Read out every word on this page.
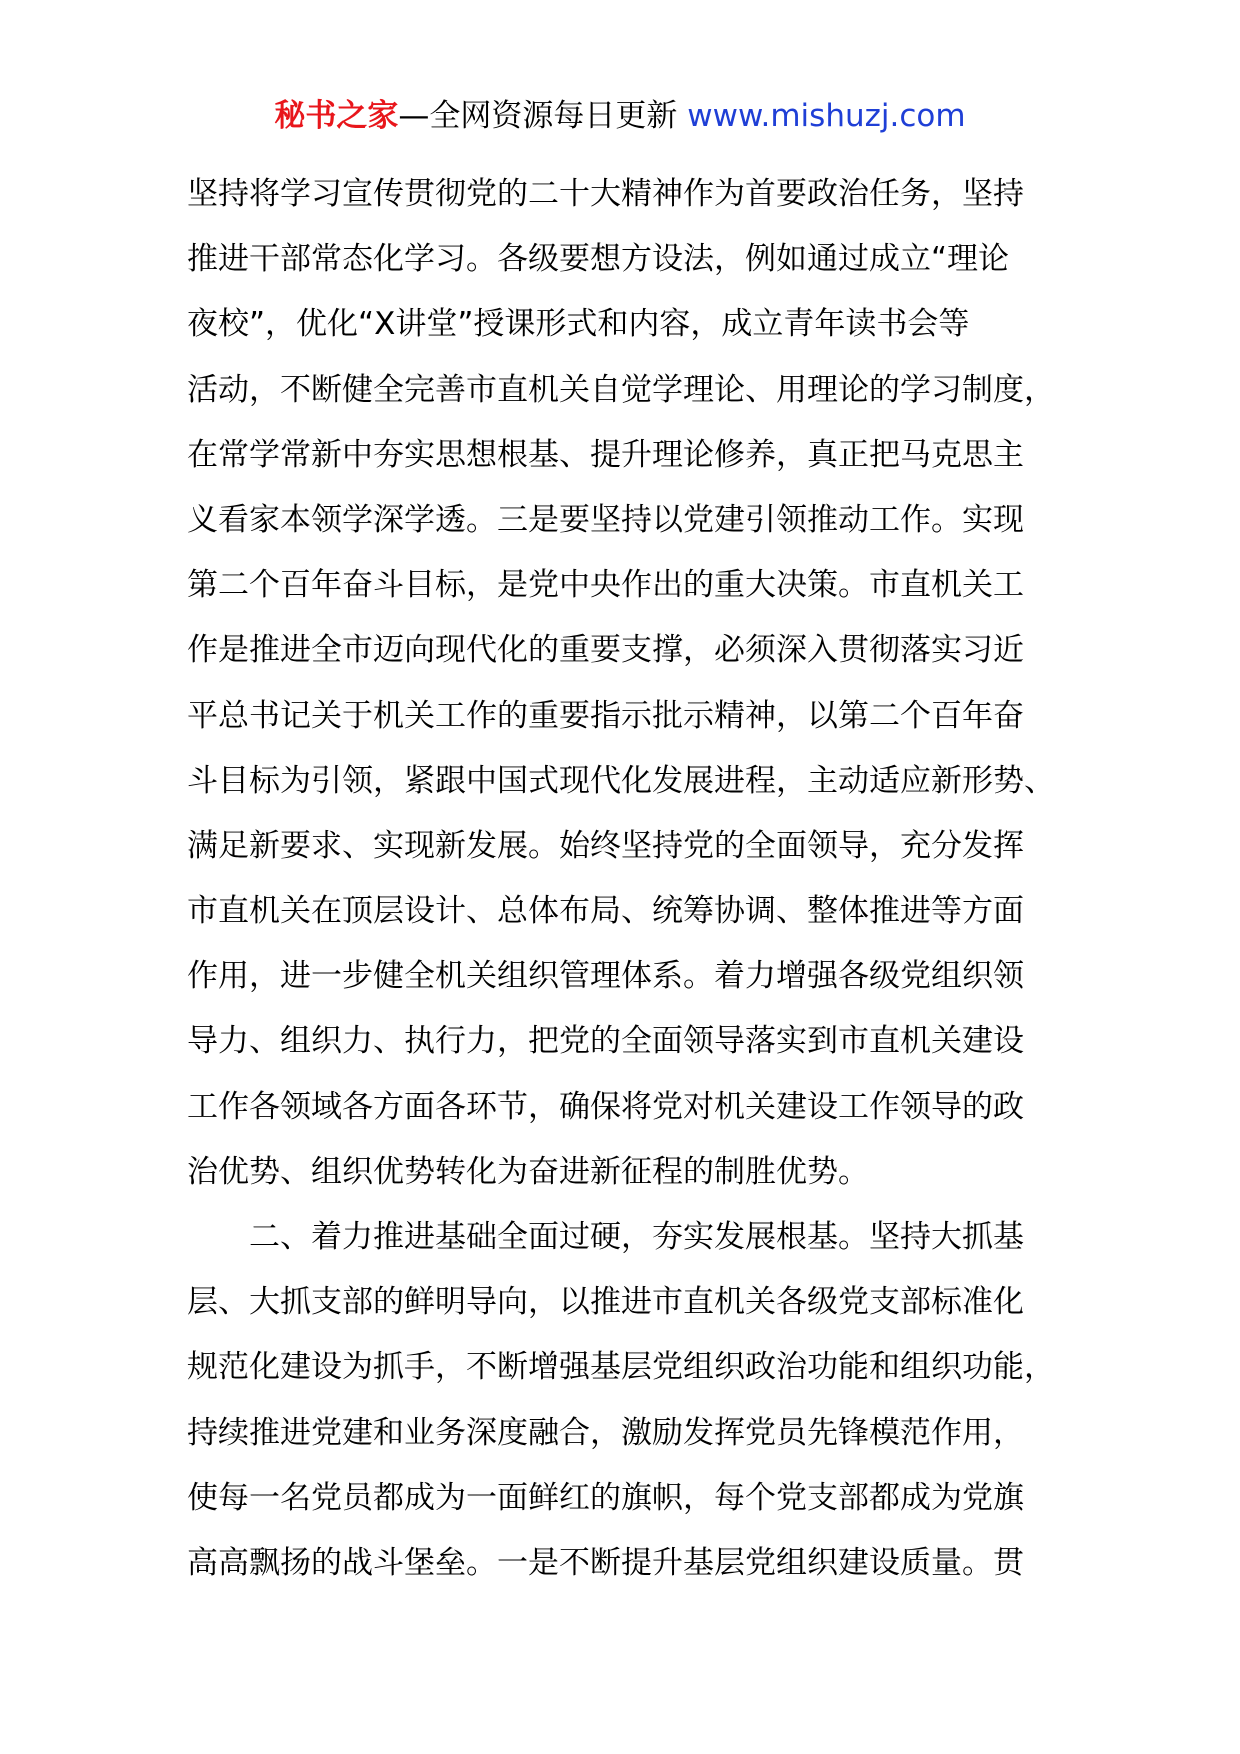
秘书之家—全网资源每日更新 www.mishuzj.com
坚持将学习宣传贯彻党的二十大精神作为首要政治任务，坚持
推进干部常态化学习。各级要想方设法，例如通过成立“理论
夜校”，优化“X讲堂”授课形式和内容，成立青年读书会等
活动，不断健全完善市直机关自觉学理论、用理论的学习制度，
在常学常新中夯实思想根基、提升理论修养，真正把马克思主
义看家本领学深学透。三是要坚持以党建引领推动工作。实现
第二个百年奋斗目标，是党中央作出的重大决策。市直机关工
作是推进全市迈向现代化的重要支撑，必须深入贯彻落实习近
平总书记关于机关工作的重要指示批示精神，以第二个百年奋
斗目标为引领，紧跟中国式现代化发展进程，主动适应新形势、
满足新要求、实现新发展。始终坚持党的全面领导，充分发挥
市直机关在顶层设计、总体布局、统筹协调、整体推进等方面
作用，进一步健全机关组织管理体系。着力增强各级党组织领
导力、组织力、执行力，把党的全面领导落实到市直机关建设
工作各领域各方面各环节，确保将党对机关建设工作领导的政
治优势、组织优势转化为奋进新征程的制胜优势。
　　二、着力推进基础全面过硬，夯实发展根基。坚持大抓基
层、大抓支部的鲜明导向，以推进市直机关各级党支部标准化
规范化建设为抓手，不断增强基层党组织政治功能和组织功能，
持续推进党建和业务深度融合，激励发挥党员先锋模范作用，
使每一名党员都成为一面鲜红的旗帜，每个党支部都成为党旗
高高飘扬的战斗堡垒。一是不断提升基层党组织建设质量。贯
